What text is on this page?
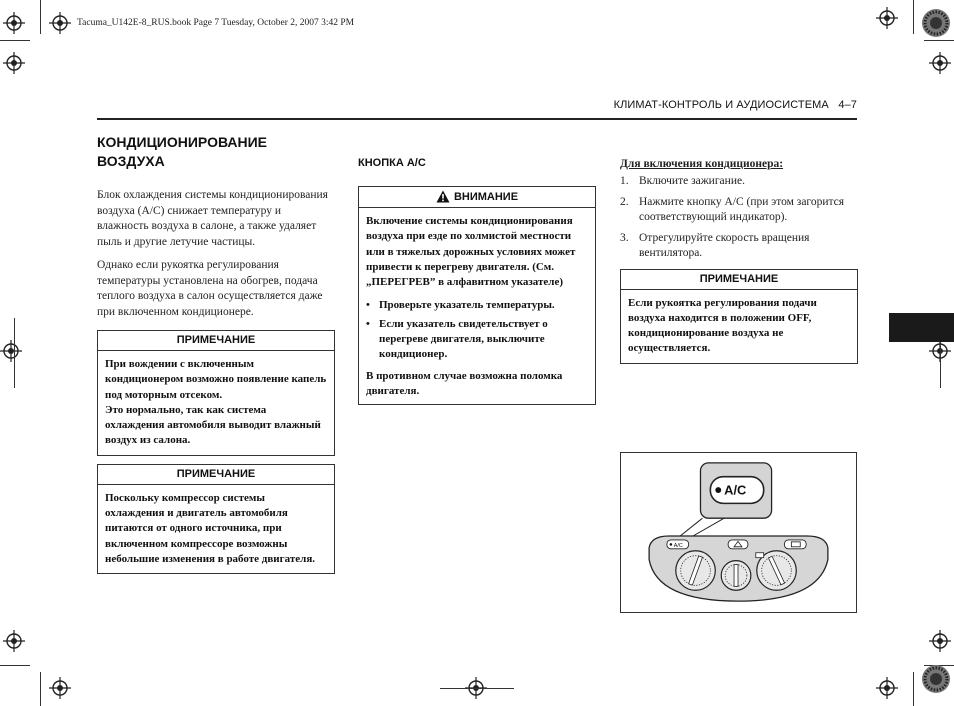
Tacuma_U142E-8_RUS.book Page 7 Tuesday, October 2, 2007 3:42 PM
КЛИМАТ-КОНТРОЛЬ И АУДИОСИСТЕМА 4–7
КОНДИЦИОНИРОВАНИЕ
ВОЗДУХА

Блок охлаждения системы кондиционирования воздуха (A/C) снижает температуру и влажность воздуха в салоне, а также удаляет пыль и другие летучие частицы.

Однако если рукоятка регулирования температуры установлена на обогрев, подача теплого воздуха в салон осуществляется даже при включенном кондиционере.

ПРИМЕЧАНИЕ
При вождении с включенным кондиционером возможно появление капель под моторным отсеком.
Это нормально, так как система охлаждения автомобиля выводит влажный воздух из салона.
ПРИМЕЧАНИЕ
Поскольку компрессор системы охлаждения и двигатель автомобиля питаются от одного источника, при включенном компрессоре возможны небольшие изменения в работе двигателя.
КНОПКА A/C
ВНИМАНИЕ
Включение системы кондиционирования воздуха при езде по холмистой местности или в тяжелых дорожных условиях может привести к перегреву двигателя. (См. „ПЕРЕГРЕВ” в алфавитном указателе)
• Проверьте указатель температуры.
• Если указатель свидетельствует о перегреве двигателя, выключите кондиционер.
В противном случае возможна поломка двигателя.
Для включения кондиционера:
1. Включите зажигание.
2. Нажмите кнопку A/C (при этом загорится соответствующий индикатор).
3. Отрегулируйте скорость вращения вентилятора.
ПРИМЕЧАНИЕ
Если рукоятка регулирования подачи воздуха находится в положении OFF, кондиционирование воздуха не осуществляется.
A/C
A/C
